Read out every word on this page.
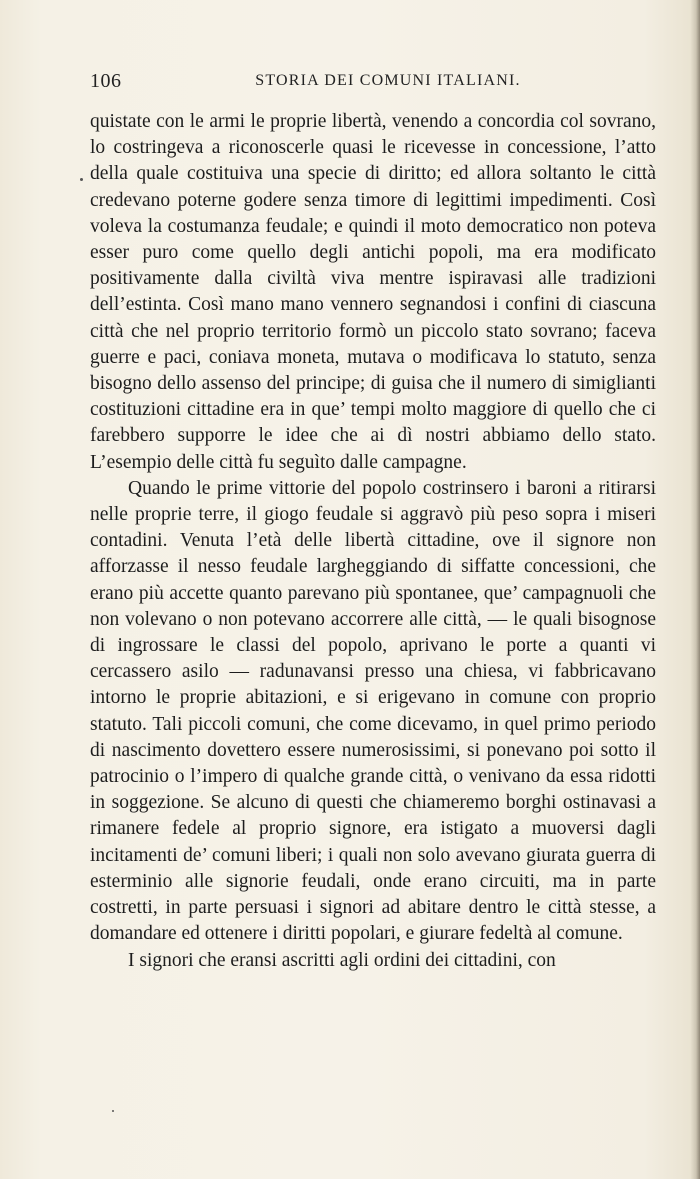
106	STORIA DEI COMUNI ITALIANI.

quistate con le armi le proprie libertà, venendo a concordia col sovrano, lo costringeva a riconoscerle quasi le ricevesse in concessione, l’atto della quale costituiva una specie di diritto; ed allora soltanto le città credevano poterne godere senza timore di legittimi impedimenti. Così voleva la costumanza feudale; e quindi il moto democratico non poteva esser puro come quello degli antichi popoli, ma era modificato positivamente dalla civiltà viva mentre ispiravasi alle tradizioni dell’estinta. Così mano mano vennero segnandosi i confini di ciascuna città che nel proprio territorio formò un piccolo stato sovrano; faceva guerre e paci, coniava moneta, mutava o modificava lo statuto, senza bisogno dello assenso del principe; di guisa che il numero di simiglianti costituzioni cittadine era in que’ tempi molto maggiore di quello che ci farebbero supporre le idee che ai dì nostri abbiamo dello stato. L’esempio delle città fu seguìto dalle campagne.

Quando le prime vittorie del popolo costrinsero i baroni a ritirarsi nelle proprie terre, il giogo feudale si aggravò più peso sopra i miseri contadini. Venuta l’età delle libertà cittadine, ove il signore non afforzasse il nesso feudale largheggiando di siffatte concessioni, che erano più accette quanto parevano più spontanee, que’ campagnuoli che non volevano o non potevano accorrere alle città, — le quali bisognose di ingrossare le classi del popolo, aprivano le porte a quanti vi cercassero asilo — radunavansi presso una chiesa, vi fabbricavano intorno le proprie abitazioni, e si erigevano in comune con proprio statuto. Tali piccoli comuni, che come dicevamo, in quel primo periodo di nascimento dovettero essere numerosissimi, si ponevano poi sotto il patrocinio o l’impero di qualche grande città, o venivano da essa ridotti in soggezione. Se alcuno di questi che chiameremo borghi ostinavasi a rimanere fedele al proprio signore, era istigato a muoversi dagli incitamenti de’ comuni liberi; i quali non solo avevano giurata guerra di esterminio alle signorie feudali, onde erano circuiti, ma in parte costretti, in parte persuasi i signori ad abitare dentro le città stesse, a domandare ed ottenere i diritti popolari, e giurare fedeltà al comune.

I signori che eransi ascritti agli ordini dei cittadini, con
